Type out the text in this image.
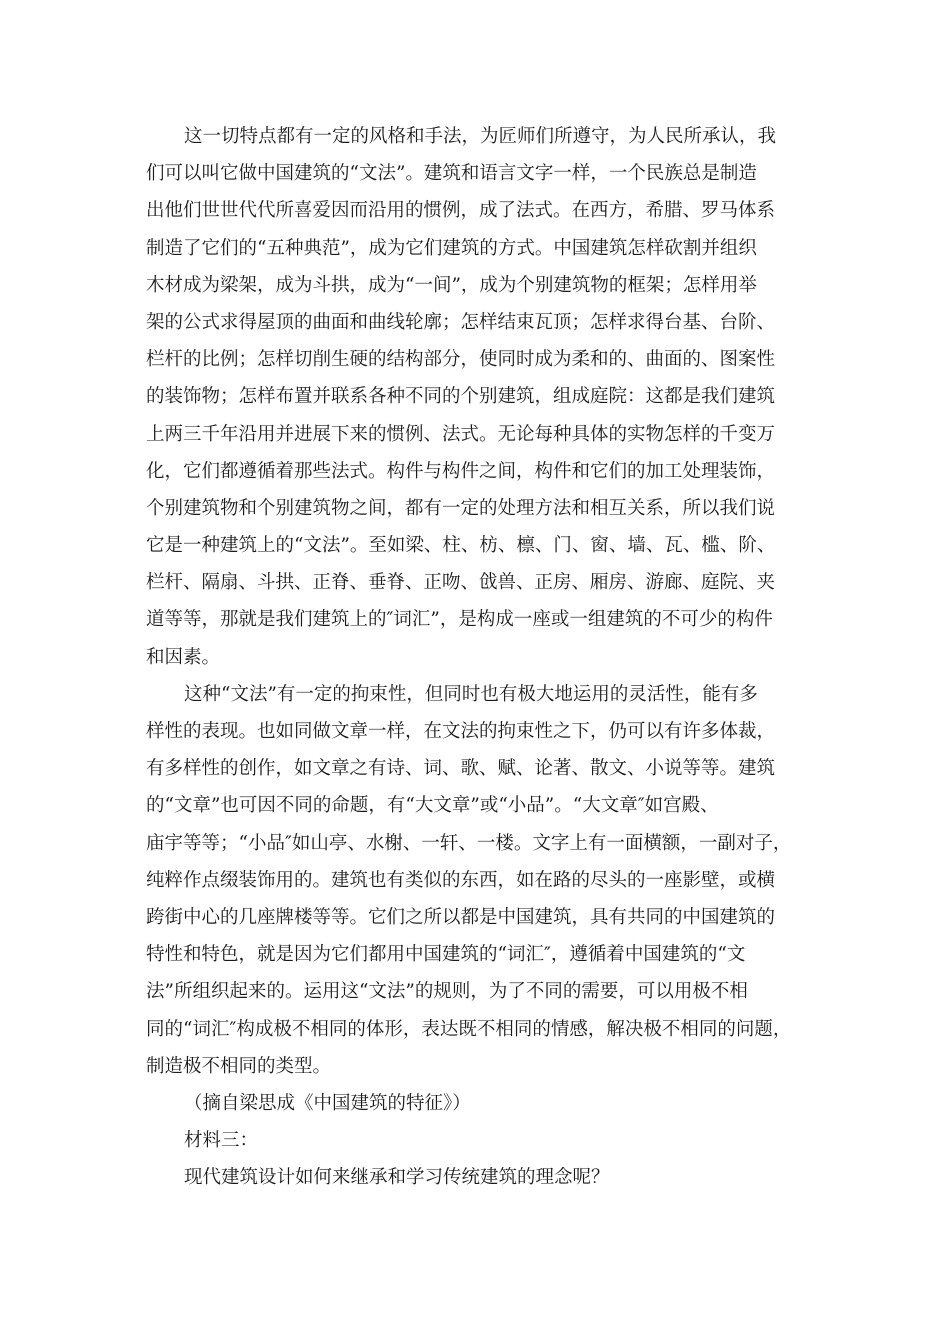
这一切特点都有一定的风格和手法，为匠师们所遵守，为人民所承认，我
们可以叫它做中国建筑的“文法”。建筑和语言文字一样，一个民族总是制造
出他们世世代代所喜爱因而沿用的惯例，成了法式。在西方，希腊、罗马体系
制造了它们的“五种典范”，成为它们建筑的方式。中国建筑怎样砍割并组织
木材成为梁架，成为斗拱，成为“一间”，成为个别建筑物的框架；怎样用举
架的公式求得屋顶的曲面和曲线轮廓；怎样结束瓦顶；怎样求得台基、台阶、
栏杆的比例；怎样切削生硬的结构部分，使同时成为柔和的、曲面的、图案性
的装饰物；怎样布置并联系各种不同的个别建筑，组成庭院：这都是我们建筑
上两三千年沿用并进展下来的惯例、法式。无论每种具体的实物怎样的千变万
化，它们都遵循着那些法式。构件与构件之间，构件和它们的加工处理装饰，
个别建筑物和个别建筑物之间，都有一定的处理方法和相互关系，所以我们说
它是一种建筑上的“文法”。至如梁、柱、枋、檩、门、窗、墙、瓦、槛、阶、
栏杆、隔扇、斗拱、正脊、垂脊、正吻、戗兽、正房、厢房、游廊、庭院、夹
道等等，那就是我们建筑上的″词汇”，是构成一座或一组建筑的不可少的构件
和因素。
这种“文法”有一定的拘束性，但同时也有极大地运用的灵活性，能有多
样性的表现。也如同做文章一样，在文法的拘束性之下，仍可以有许多体裁，
有多样性的创作，如文章之有诗、词、歌、赋、论著、散文、小说等等。建筑
的“文章”也可因不同的命题，有“大文章”或“小品”。“大文章″如宫殿、
庙宇等等；“小品″如山亭、水榭、一轩、一楼。文字上有一面横额，一副对子，
纯粹作点缀装饰用的。建筑也有类似的东西，如在路的尽头的一座影壁，或横
跨街中心的几座牌楼等等。它们之所以都是中国建筑，具有共同的中国建筑的
特性和特色，就是因为它们都用中国建筑的“词汇″，遵循着中国建筑的“文
法”所组织起来的。运用这“文法”的规则，为了不同的需要，可以用极不相
同的“词汇″构成极不相同的体形，表达既不相同的情感，解决极不相同的问题，
制造极不相同的类型。
（摘自梁思成《中国建筑的特征》）
材料三：
现代建筑设计如何来继承和学习传统建筑的理念呢？
